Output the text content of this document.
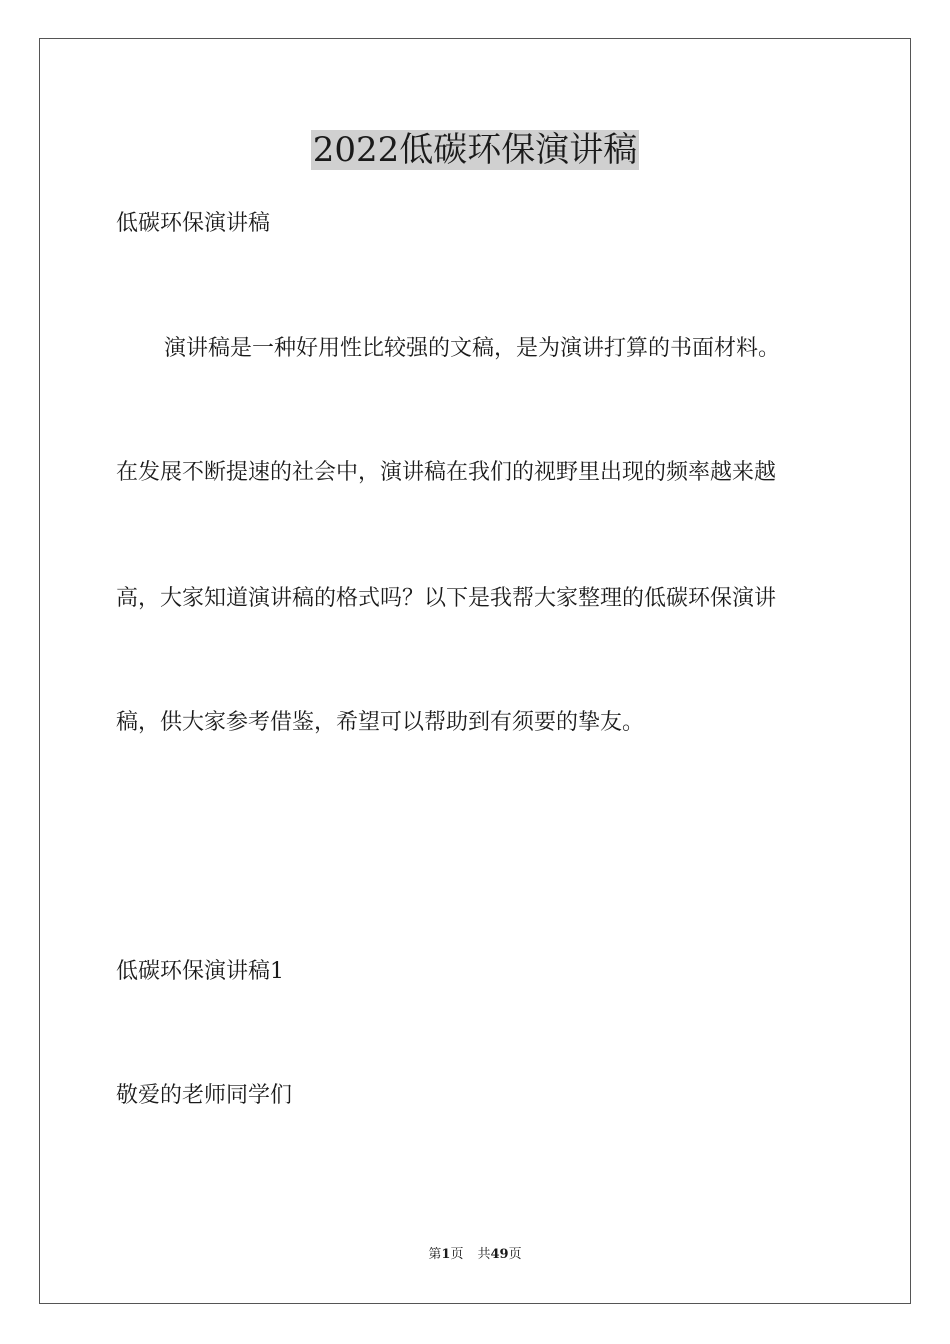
2022低碳环保演讲稿
低碳环保演讲稿
演讲稿是一种好用性比较强的文稿，是为演讲打算的书面材料。
在发展不断提速的社会中，演讲稿在我们的视野里出现的频率越来越
高，大家知道演讲稿的格式吗？以下是我帮大家整理的低碳环保演讲
稿，供大家参考借鉴，希望可以帮助到有须要的挚友。
低碳环保演讲稿1
敬爱的老师同学们
第1页 共49页
